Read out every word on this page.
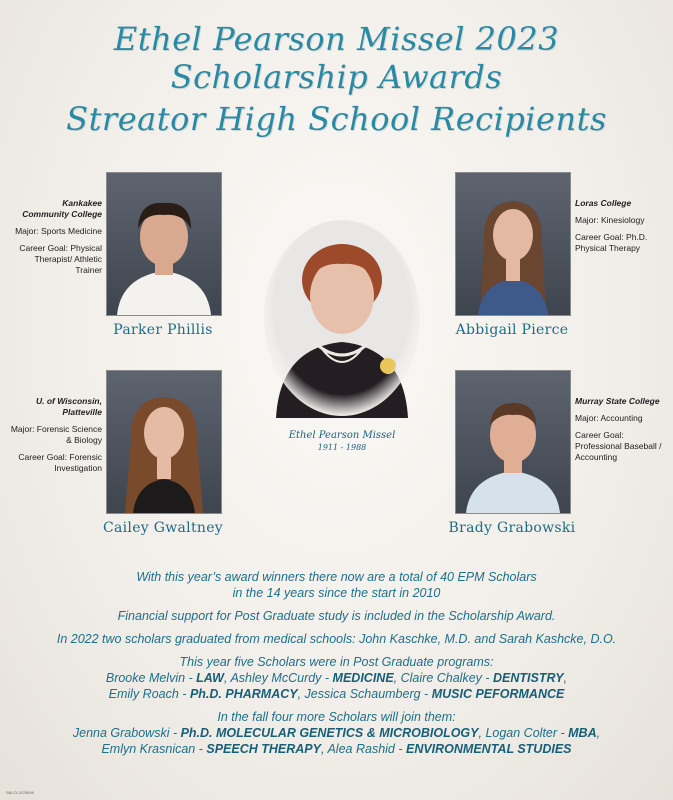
Ethel Pearson Missel 2023
Scholarship Awards
Streator High School Recipients
Kankakee Community College

Major: Sports Medicine

Career Goal: Physical Therapist/ Athletic Trainer

Parker Phillis
Loras College

Major: Kinesiology

Career Goal: Ph.D. Physical Therapy

Abbigail Pierce
Ethel Pearson Missel
1911 - 1988
U. of Wisconsin, Platteville

Major: Forensic Science & Biology

Career Goal: Forensic Investigation

Cailey Gwaltney
Murray State College

Major: Accounting

Career Goal: Professional Baseball / Accounting

Brady Grabowski
With this year’s award winners there now are a total of 40 EPM Scholars
in the 14 years since the start in 2010
Financial support for Post Graduate study is included in the Scholarship Award.
In 2022 two scholars graduated from medical schools: John Kaschke, M.D. and Sarah Kashcke, D.O.
This year five Scholars were in Post Graduate programs:
Brooke Melvin - LAW, Ashley McCurdy - MEDICINE, Claire Chalkey - DENTISTRY,
Emily Roach - Ph.D. PHARMACY, Jessica Schaumberg - MUSIC PEFORMANCE
In the fall four more Scholars will join them:
Jenna Grabowski - Ph.D. MOLECULAR GENETICS & MICROBIOLOGY, Logan Colter - MBA,
Emlyn Krasnican - SPEECH THERAPY, Alea Rashid - ENVIRONMENTAL STUDIES
SM-CL2076649
